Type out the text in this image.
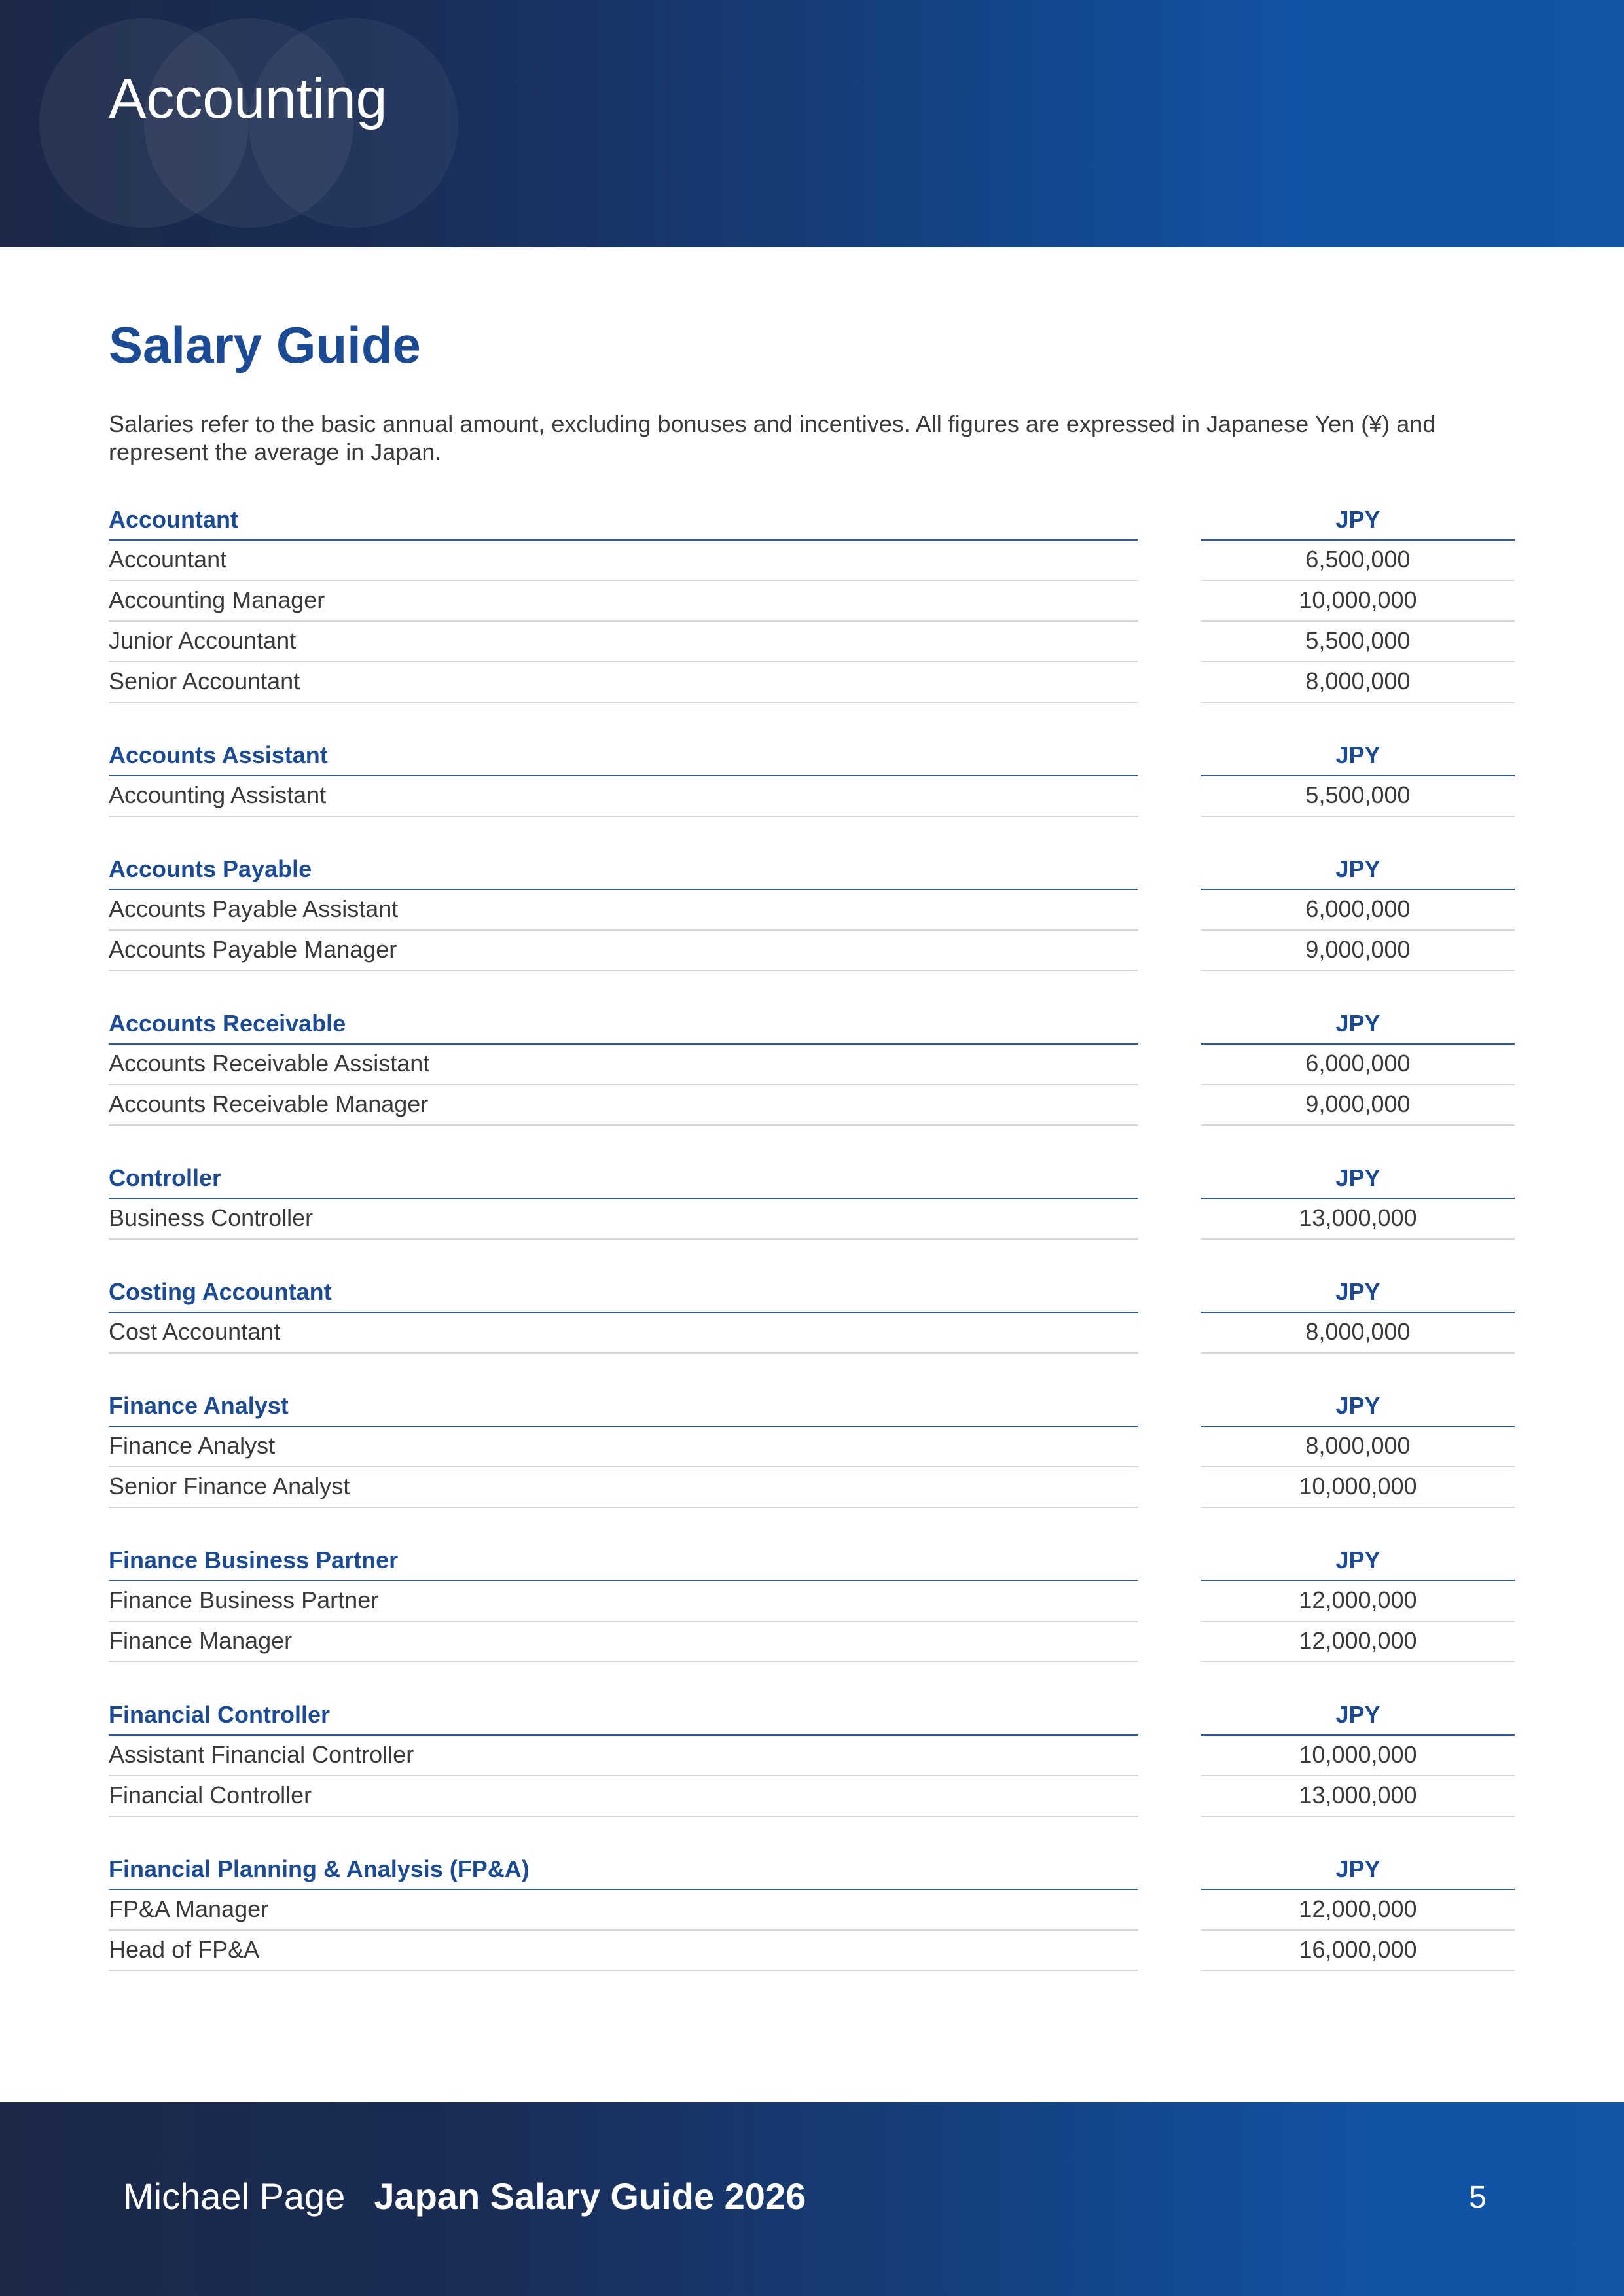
Accounting
Salary Guide
Salaries refer to the basic annual amount, excluding bonuses and incentives. All figures are expressed in Japanese Yen (¥) and represent the average in Japan.
Accountant	JPY
Accountant	6,500,000
Accounting Manager	10,000,000
Junior Accountant	5,500,000
Senior Accountant	8,000,000
Accounts Assistant	JPY
Accounting Assistant	5,500,000
Accounts Payable	JPY
Accounts Payable Assistant	6,000,000
Accounts Payable Manager	9,000,000
Accounts Receivable	JPY
Accounts Receivable Assistant	6,000,000
Accounts Receivable Manager	9,000,000
Controller	JPY
Business Controller	13,000,000
Costing Accountant	JPY
Cost Accountant	8,000,000
Finance Analyst	JPY
Finance Analyst	8,000,000
Senior Finance Analyst	10,000,000
Finance Business Partner	JPY
Finance Business Partner	12,000,000
Finance Manager	12,000,000
Financial Controller	JPY
Assistant Financial Controller	10,000,000
Financial Controller	13,000,000
Financial Planning & Analysis (FP&A)	JPY
FP&A Manager	12,000,000
Head of FP&A	16,000,000
Michael Page Japan Salary Guide 2026	5
